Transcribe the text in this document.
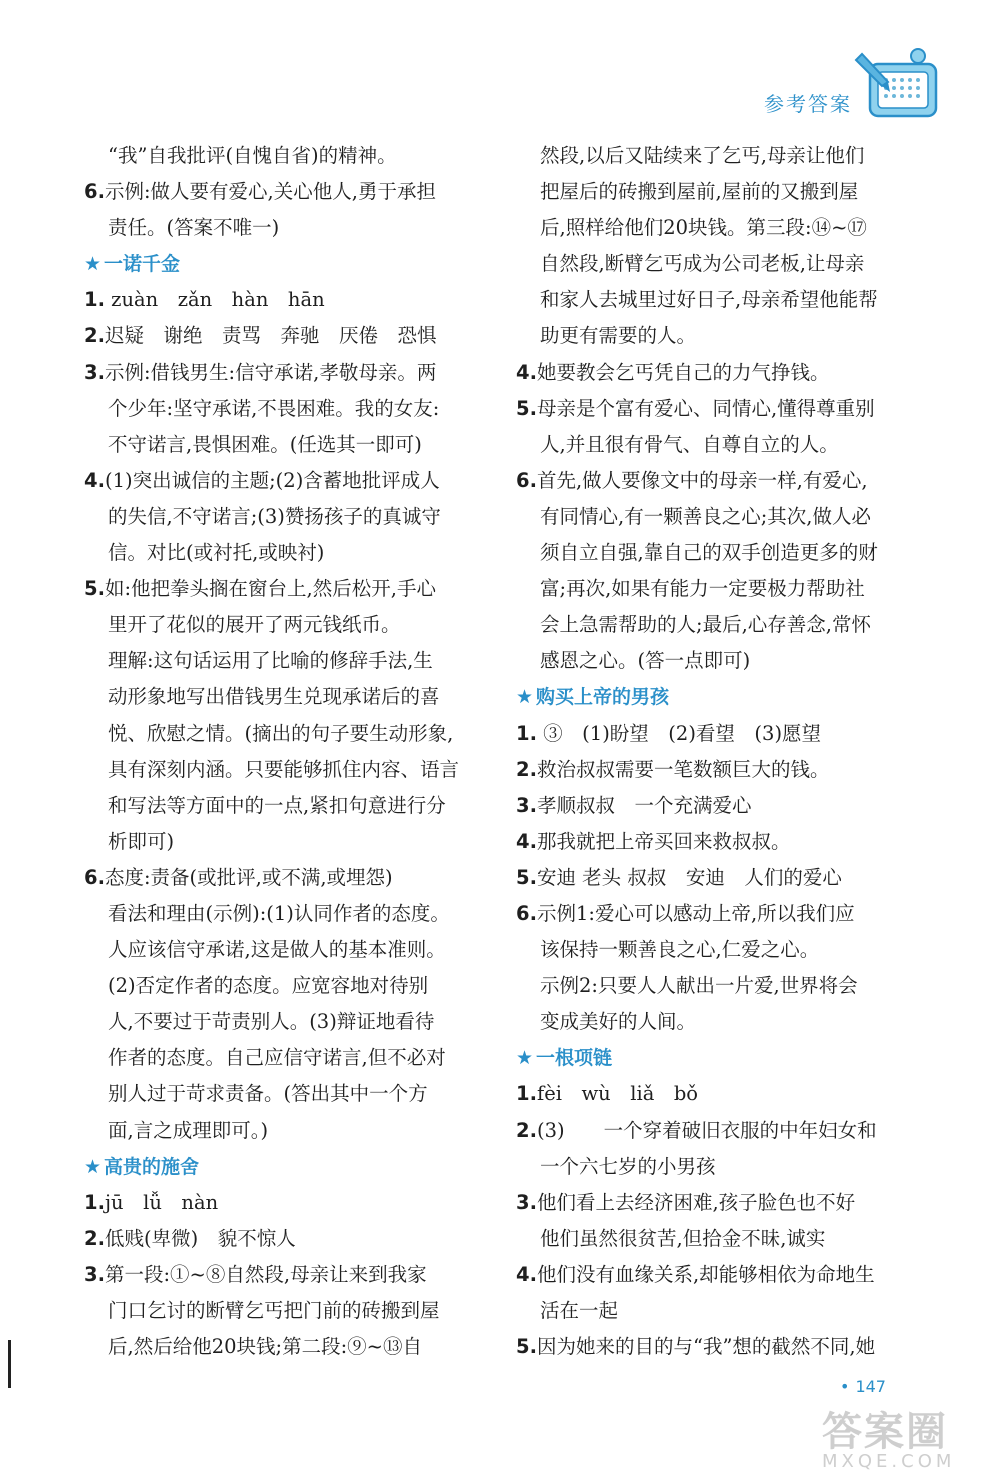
参考答案
“我”自我批评(自愧自省)的精神。
6.示例:做人要有爱心,关心他人,勇于承担
责任。(答案不唯一)
★ 一诺千金
1. zuàn　zǎn　hàn　hān
2.迟疑　谢绝　责骂　奔驰　厌倦　恐惧
3.示例:借钱男生:信守承诺,孝敬母亲。两
个少年:坚守承诺,不畏困难。我的女友:
不守诺言,畏惧困难。(任选其一即可)
4.(1)突出诚信的主题;(2)含蓄地批评成人
的失信,不守诺言;(3)赞扬孩子的真诚守
信。对比(或衬托,或映衬)
5.如:他把拳头搁在窗台上,然后松开,手心
里开了花似的展开了两元钱纸币。
理解:这句话运用了比喻的修辞手法,生
动形象地写出借钱男生兑现承诺后的喜
悦、欣慰之情。(摘出的句子要生动形象,
具有深刻内涵。只要能够抓住内容、语言
和写法等方面中的一点,紧扣句意进行分
析即可)
6.态度:责备(或批评,或不满,或埋怨)
看法和理由(示例):(1)认同作者的态度。
人应该信守承诺,这是做人的基本准则。
(2)否定作者的态度。应宽容地对待别
人,不要过于苛责别人。(3)辩证地看待
作者的态度。自己应信守诺言,但不必对
别人过于苛求责备。(答出其中一个方
面,言之成理即可。)
★ 高贵的施舍
1.jū　lǚ　nàn
2.低贱(卑微)　貌不惊人
3.第一段:①~⑧自然段,母亲让来到我家
门口乞讨的断臂乞丐把门前的砖搬到屋
后,然后给他20块钱;第二段:⑨~⑬自
然段,以后又陆续来了乞丐,母亲让他们
把屋后的砖搬到屋前,屋前的又搬到屋
后,照样给他们20块钱。第三段:⑭~⑰
自然段,断臂乞丐成为公司老板,让母亲
和家人去城里过好日子,母亲希望他能帮
助更有需要的人。
4.她要教会乞丐凭自己的力气挣钱。
5.母亲是个富有爱心、同情心,懂得尊重别
人,并且很有骨气、自尊自立的人。
6.首先,做人要像文中的母亲一样,有爱心,
有同情心,有一颗善良之心;其次,做人必
须自立自强,靠自己的双手创造更多的财
富;再次,如果有能力一定要极力帮助社
会上急需帮助的人;最后,心存善念,常怀
感恩之心。(答一点即可)
★ 购买上帝的男孩
1. ③　(1)盼望　(2)看望　(3)愿望
2.救治叔叔需要一笔数额巨大的钱。
3.孝顺叔叔　一个充满爱心
4.那我就把上帝买回来救叔叔。
5.安迪 老头 叔叔　安迪　人们的爱心
6.示例1:爱心可以感动上帝,所以我们应
该保持一颗善良之心,仁爱之心。
示例2:只要人人献出一片爱,世界将会
变成美好的人间。
★ 一根项链
1.fèi　wù　liǎ　bǒ
2.(3)　　一个穿着破旧衣服的中年妇女和
一个六七岁的小男孩
3.他们看上去经济困难,孩子脸色也不好
他们虽然很贫苦,但拾金不昧,诚实
4.他们没有血缘关系,却能够相依为命地生
活在一起
5.因为她来的目的与“我”想的截然不同,她
• 147
答案圈
MXQE.COM
